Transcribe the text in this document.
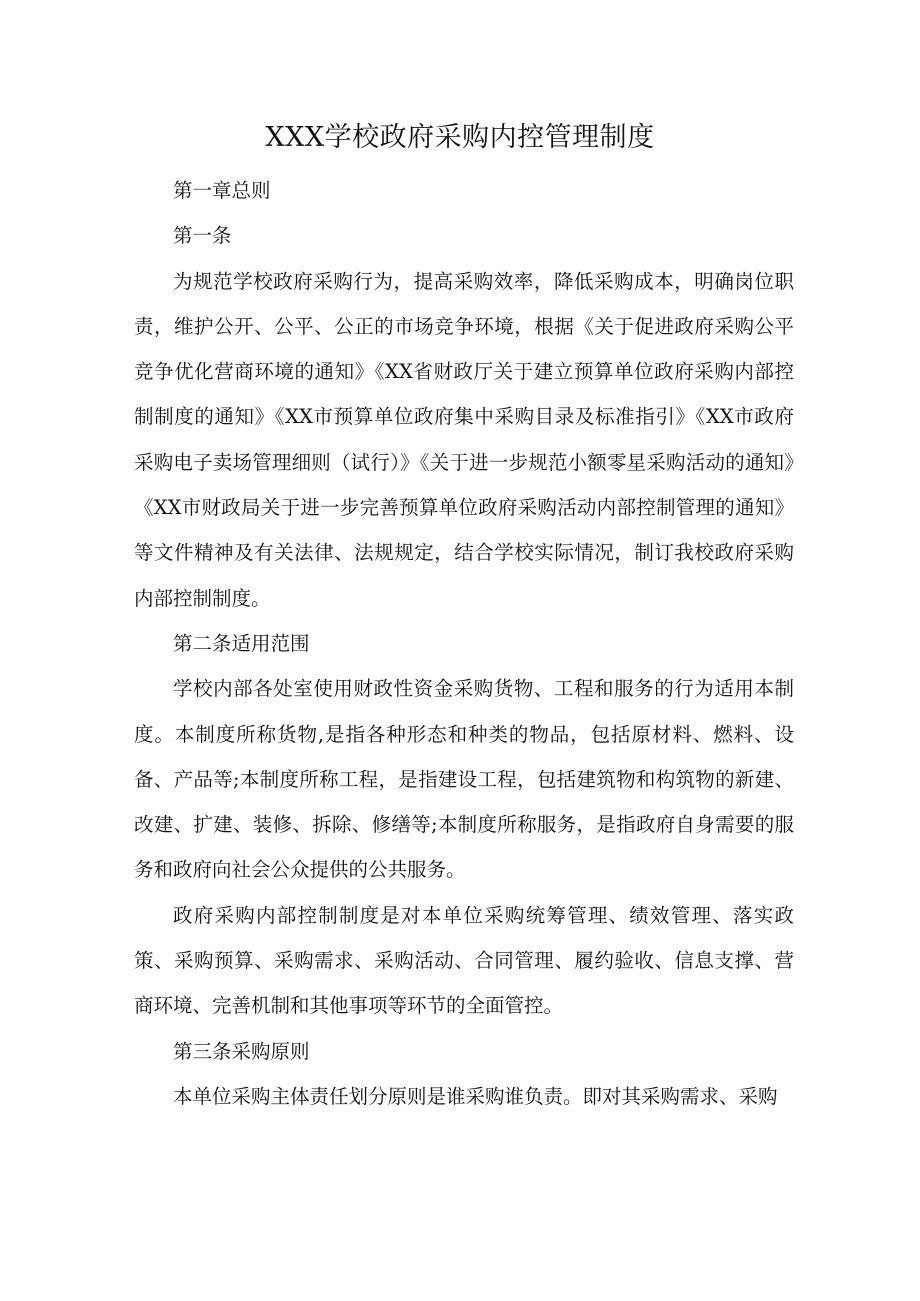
XXX学校政府采购内控管理制度

第一章总则

第一条

为规范学校政府采购行为，提高采购效率，降低采购成本，明确岗位职责，维护公开、公平、公正的市场竞争环境，根据《关于促进政府采购公平竞争优化营商环境的通知》《XX省财政厅关于建立预算单位政府采购内部控制制度的通知》《XX市预算单位政府集中采购目录及标准指引》《XX市政府采购电子卖场管理细则（试行）》《关于进一步规范小额零星采购活动的通知》《XX市财政局关于进一步完善预算单位政府采购活动内部控制管理的通知》等文件精神及有关法律、法规规定，结合学校实际情况，制订我校政府采购内部控制制度。

第二条适用范围

学校内部各处室使用财政性资金采购货物、工程和服务的行为适用本制度。本制度所称货物,是指各种形态和种类的物品，包括原材料、燃料、设备、产品等;本制度所称工程，是指建设工程，包括建筑物和构筑物的新建、改建、扩建、装修、拆除、修缮等;本制度所称服务，是指政府自身需要的服务和政府向社会公众提供的公共服务。

政府采购内部控制制度是对本单位采购统筹管理、绩效管理、落实政策、采购预算、采购需求、采购活动、合同管理、履约验收、信息支撑、营商环境、完善机制和其他事项等环节的全面管控。

第三条采购原则

本单位采购主体责任划分原则是谁采购谁负责。即对其采购需求、采购
